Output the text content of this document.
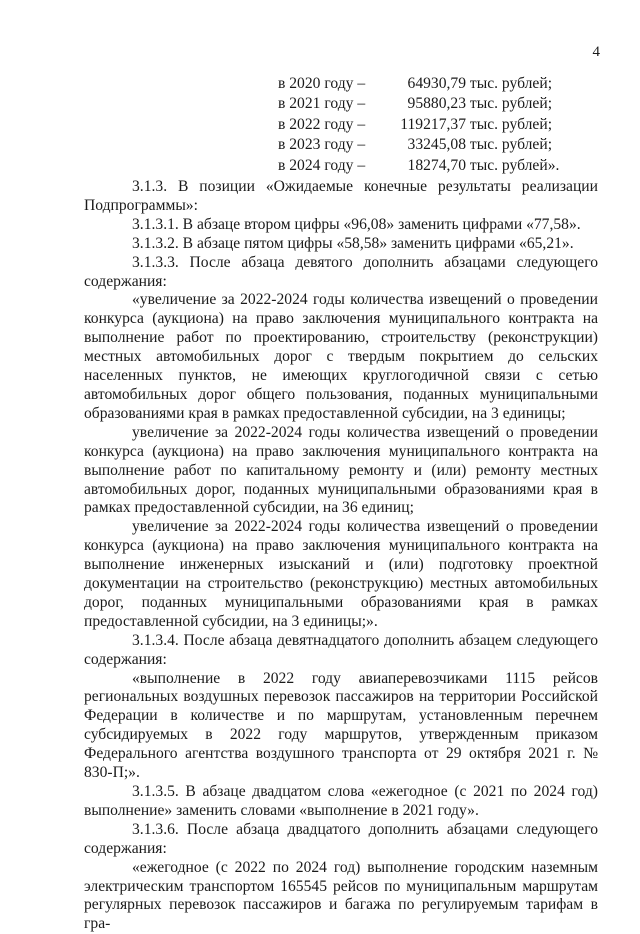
4
в 2020 году –	64930,79 тыс. рублей;
в 2021 году –	95880,23 тыс. рублей;
в 2022 году – 119217,37 тыс. рублей;
в 2023 году –	33245,08 тыс. рублей;
в 2024 году –	18274,70 тыс. рублей».

3.1.3. В позиции «Ожидаемые конечные результаты реализации Подпрограммы»:

3.1.3.1. В абзаце втором цифры «96,08» заменить цифрами «77,58».

3.1.3.2. В абзаце пятом цифры «58,58» заменить цифрами «65,21».

3.1.3.3. После абзаца девятого дополнить абзацами следующего содержания:

«увеличение за 2022-2024 годы количества извещений о проведении конкурса (аукциона) на право заключения муниципального контракта на выполнение работ по проектированию, строительству (реконструкции) местных автомобильных дорог с твердым покрытием до сельских населенных пунктов, не имеющих круглогодичной связи с сетью автомобильных дорог общего пользования, поданных муниципальными образованиями края в рамках предоставленной субсидии, на 3 единицы;

увеличение за 2022-2024 годы количества извещений о проведении конкурса (аукциона) на право заключения муниципального контракта на выполнение работ по капитальному ремонту и (или) ремонту местных автомобильных дорог, поданных муниципальными образованиями края в рамках предоставленной субсидии, на 36 единиц;

увеличение за 2022-2024 годы количества извещений о проведении конкурса (аукциона) на право заключения муниципального контракта на выполнение инженерных изысканий и (или) подготовку проектной документации на строительство (реконструкцию) местных автомобильных дорог, поданных муниципальными образованиями края в рамках предоставленной субсидии, на 3 единицы;».

3.1.3.4. После абзаца девятнадцатого дополнить абзацем следующего содержания:

«выполнение в 2022 году авиаперевозчиками 1115 рейсов региональных воздушных перевозок пассажиров на территории Российской Федерации в количестве и по маршрутам, установленным перечнем субсидируемых в 2022 году маршрутов, утвержденным приказом Федерального агентства воздушного транспорта от 29 октября 2021 г. № 830-П;».

3.1.3.5. В абзаце двадцатом слова «ежегодное (с 2021 по 2024 год) выполнение» заменить словами «выполнение в 2021 году».

3.1.3.6. После абзаца двадцатого дополнить абзацами следующего содержания:

«ежегодное (с 2022 по 2024 год) выполнение городским наземным электрическим транспортом 165545 рейсов по муниципальным маршрутам регулярных перевозок пассажиров и багажа по регулируемым тарифам в гра-
